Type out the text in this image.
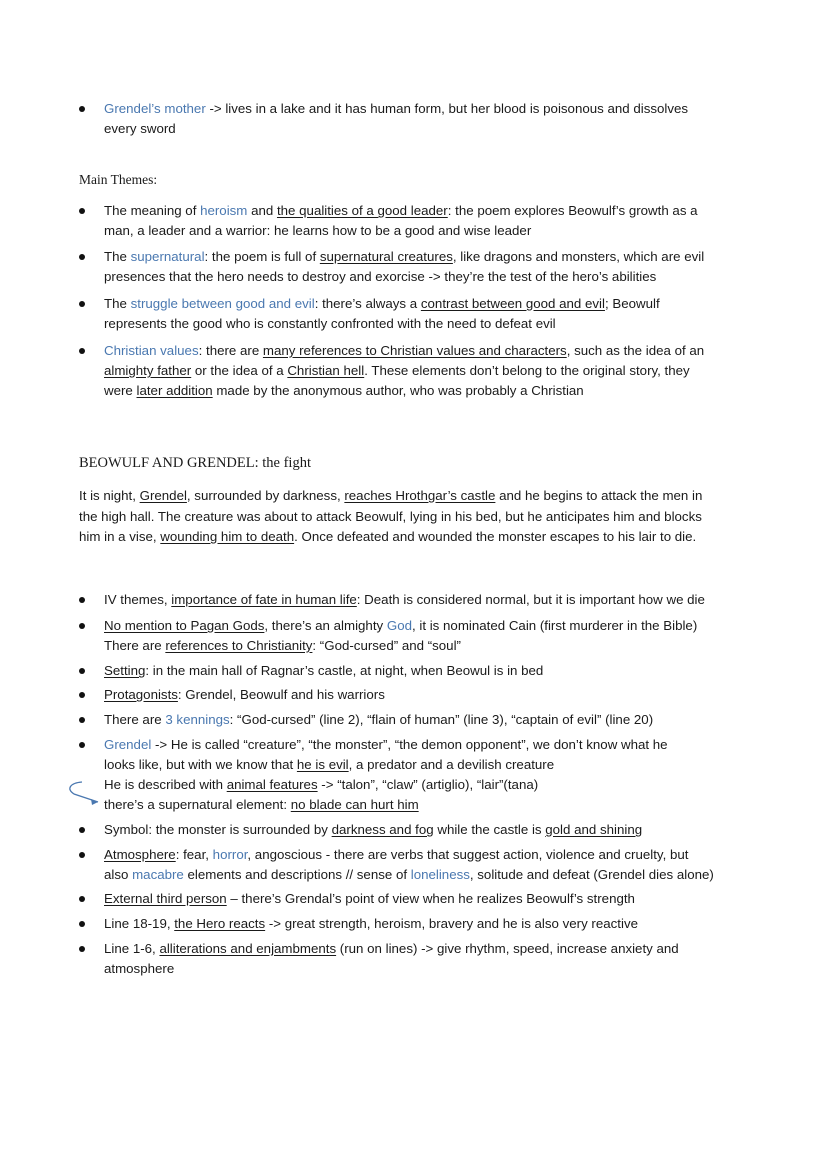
Grendel’s mother -> lives in a lake and it has human form, but her blood is poisonous and dissolves
every sword
Main Themes:
The meaning of heroism and the qualities of a good leader: the poem explores Beowulf’s growth as a
man, a leader and a warrior: he learns how to be a good and wise leader
The supernatural: the poem is full of supernatural creatures, like dragons and monsters, which are evil
presences that the hero needs to destroy and exorcise -> they’re the test of the hero’s abilities
The struggle between good and evil: there’s always a contrast between good and evil; Beowulf
represents the good who is constantly confronted with the need to defeat evil
Christian values: there are many references to Christian values and characters, such as the idea of an
almighty father or the idea of a Christian hell. These elements don’t belong to the original story, they
were later addition made by the anonymous author, who was probably a Christian
BEOWULF AND GRENDEL: the fight
It is night, Grendel, surrounded by darkness, reaches Hrothgar’s castle and he begins to attack the men in
the high hall. The creature was about to attack Beowulf, lying in his bed, but he anticipates him and blocks
him in a vise, wounding him to death. Once defeated and wounded the monster escapes to his lair to die.
IV themes, importance of fate in human life: Death is considered normal, but it is important how we die
No mention to Pagan Gods, there’s an almighty God, it is nominated Cain (first murderer in the Bible)
There are references to Christianity: “God-cursed” and “soul”
Setting: in the main hall of Ragnar’s castle, at night, when Beowul is in bed
Protagonists: Grendel, Beowulf and his warriors
There are 3 kennings: “God-cursed” (line 2), “flain of human” (line 3), “captain of evil” (line 20)
Grendel -> He is called “creature”, “the monster”, “the demon opponent”, we don’t know what he
looks like, but with we know that he is evil, a predator and a devilish creature
He is described with animal features -> “talon”, “claw” (artiglio), “lair”(tana)
there’s a supernatural element: no blade can hurt him
Symbol: the monster is surrounded by darkness and fog while the castle is gold and shining
Atmosphere: fear, horror, angoscious - there are verbs that suggest action, violence and cruelty, but
also macabre elements and descriptions // sense of loneliness, solitude and defeat (Grendel dies alone)
External third person – there’s Grendal’s point of view when he realizes Beowulf’s strength
Line 18-19, the Hero reacts -> great strength, heroism, bravery and he is also very reactive
Line 1-6, alliterations and enjambments (run on lines) -> give rhythm, speed, increase anxiety and
atmosphere
